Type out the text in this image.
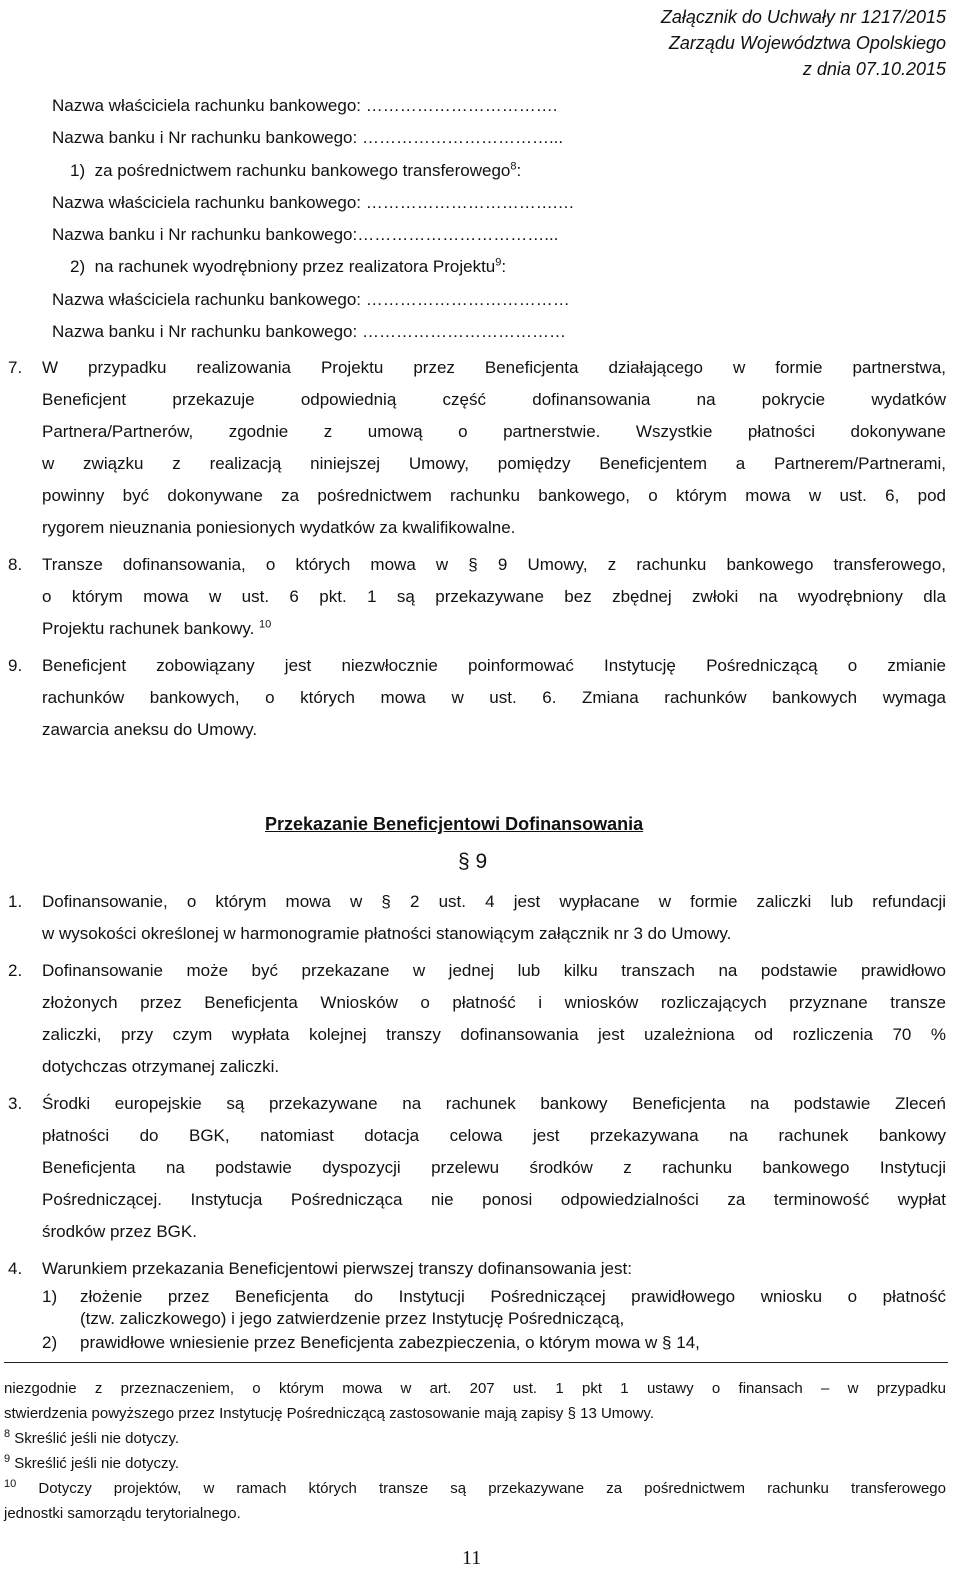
Załącznik do Uchwały nr 1217/2015
Zarządu Województwa Opolskiego
z dnia 07.10.2015
Nazwa właściciela rachunku bankowego: …………………………….
Nazwa banku i Nr rachunku bankowego: ……………………………...
1) za pośrednictwem rachunku bankowego transferowego$^8$:
Nazwa właściciela rachunku bankowego: …………………………….…
Nazwa banku i Nr rachunku bankowego:……………………………...
2) na rachunek wyodrębniony przez realizatora Projektu$^9$:
Nazwa właściciela rachunku bankowego: ………………………………
Nazwa banku i Nr rachunku bankowego: ………………………………
7. W przypadku realizowania Projektu przez Beneficjenta działającego w formie partnerstwa,
Beneficjent przekazuje odpowiednią część dofinansowania na pokrycie wydatków
Partnera/Partnerów, zgodnie z umową o partnerstwie. Wszystkie płatności dokonywane
w związku z realizacją niniejszej Umowy, pomiędzy Beneficjentem a Partnerem/Partnerami,
powinny być dokonywane za pośrednictwem rachunku bankowego, o którym mowa w ust. 6, pod
rygorem nieuznania poniesionych wydatków za kwalifikowalne.
8. Transze dofinansowania, o których mowa w § 9 Umowy, z rachunku bankowego transferowego,
o którym mowa w ust. 6 pkt. 1 są przekazywane bez zbędnej zwłoki na wyodrębniony dla
Projektu rachunek bankowy. $^{10}$
9. Beneficjent zobowiązany jest niezwłocznie poinformować Instytucję Pośredniczącą o zmianie
rachunków bankowych, o których mowa w ust. 6. Zmiana rachunków bankowych wymaga
zawarcia aneksu do Umowy.
Przekazanie Beneficjentowi Dofinansowania
§ 9
1. Dofinansowanie, o którym mowa w § 2 ust. 4 jest wypłacane w formie zaliczki lub refundacji
w wysokości określonej w harmonogramie płatności stanowiącym załącznik nr 3 do Umowy.
2. Dofinansowanie może być przekazane w jednej lub kilku transzach na podstawie prawidłowo
złożonych przez Beneficjenta Wniosków o płatność i wniosków rozliczających przyznane transze
zaliczki, przy czym wypłata kolejnej transzy dofinansowania jest uzależniona od rozliczenia 70 %
dotychczas otrzymanej zaliczki.
3. Środki europejskie są przekazywane na rachunek bankowy Beneficjenta na podstawie Zleceń
płatności do BGK, natomiast dotacja celowa jest przekazywana na rachunek bankowy
Beneficjenta na podstawie dyspozycji przelewu środków z rachunku bankowego Instytucji
Pośredniczącej. Instytucja Pośrednicząca nie ponosi odpowiedzialności za terminowość wypłat
środków przez BGK.
4. Warunkiem przekazania Beneficjentowi pierwszej transzy dofinansowania jest:
1) złożenie przez Beneficjenta do Instytucji Pośredniczącej prawidłowego wniosku o płatność
(tzw. zaliczkowego) i jego zatwierdzenie przez Instytucję Pośredniczącą,
niezgodnie z przeznaczeniem, o którym mowa w art. 207 ust. 1 pkt 1 ustawy o finansach – w przypadku
stwierdzenia powyższego przez Instytucję Pośredniczącą zastosowanie mają zapisy § 13 Umowy.
$^8$ Skreślić jeśli nie dotyczy.
$^9$ Skreślić jeśli nie dotyczy.
$^{10}$ Dotyczy projektów, w ramach których transze są przekazywane za pośrednictwem rachunku transferowego
jednostki samorządu terytorialnego.
11
2) prawidłowe wniesienie przez Beneficjenta zabezpieczenia, o którym mowa w § 14,
